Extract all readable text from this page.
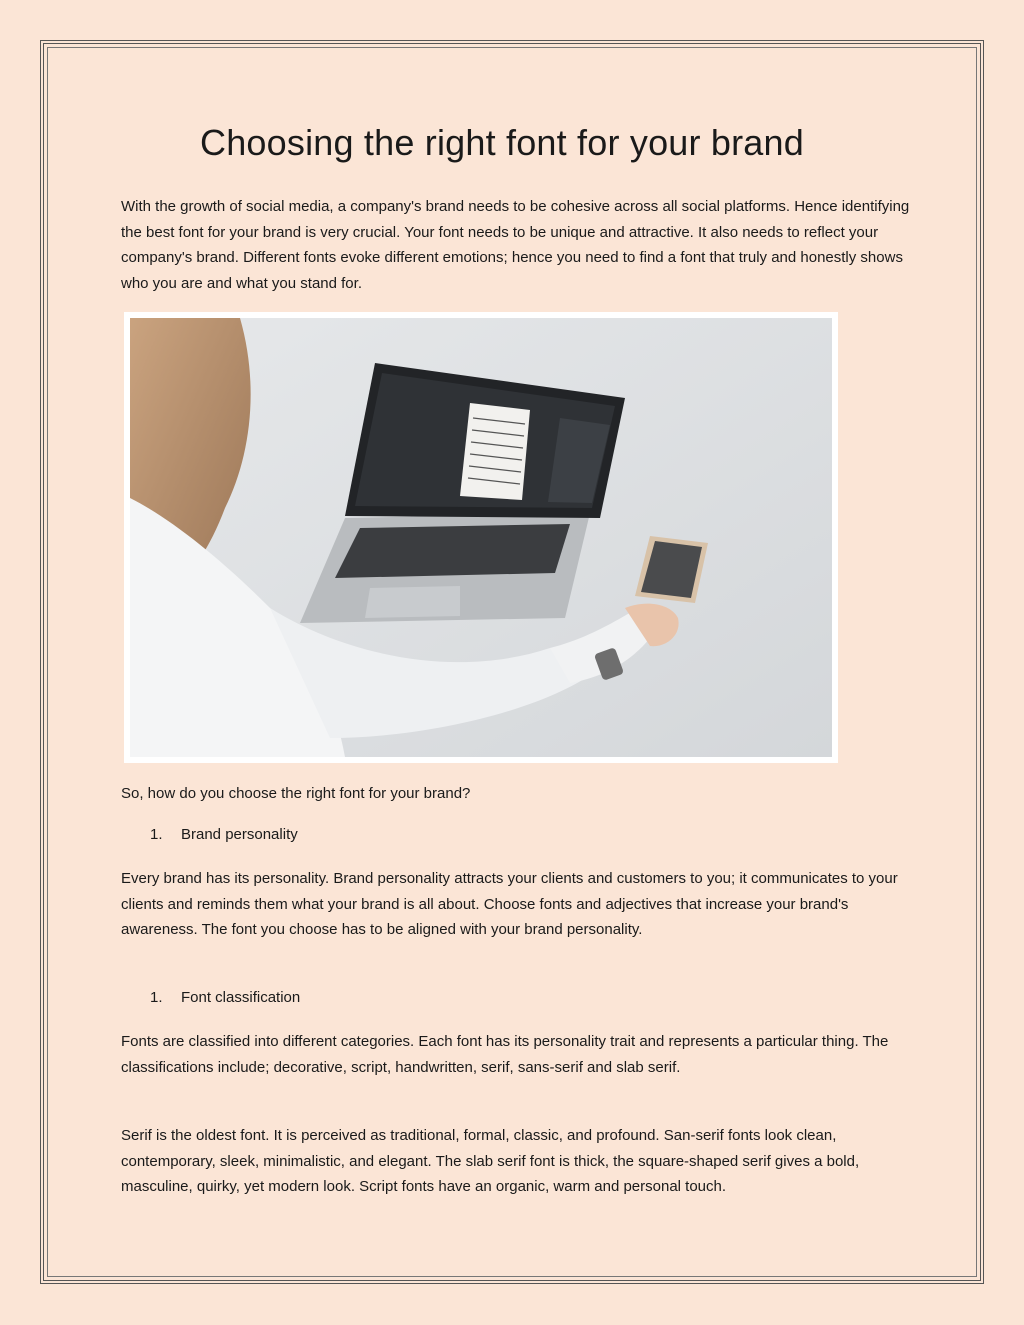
Choosing the right font for your brand

With the growth of social media, a company's brand needs to be cohesive across all social platforms. Hence identifying the best font for your brand is very crucial. Your font needs to be unique and attractive. It also needs to reflect your company's brand. Different fonts evoke different emotions; hence you need to find a font that truly and honestly shows who you are and what you stand for.

So, how do you choose the right font for your brand?

1. Brand personality

Every brand has its personality. Brand personality attracts your clients and customers to you; it communicates to your clients and reminds them what your brand is all about. Choose fonts and adjectives that increase your brand's awareness. The font you choose has to be aligned with your brand personality.

1. Font classification

Fonts are classified into different categories. Each font has its personality trait and represents a particular thing. The classifications include; decorative, script, handwritten, serif, sans-serif and slab serif.

Serif is the oldest font. It is perceived as traditional, formal, classic, and profound. San-serif fonts look clean, contemporary, sleek, minimalistic, and elegant. The slab serif font is thick, the square-shaped serif gives a bold, masculine, quirky, yet modern look. Script fonts have an organic, warm and personal touch.
